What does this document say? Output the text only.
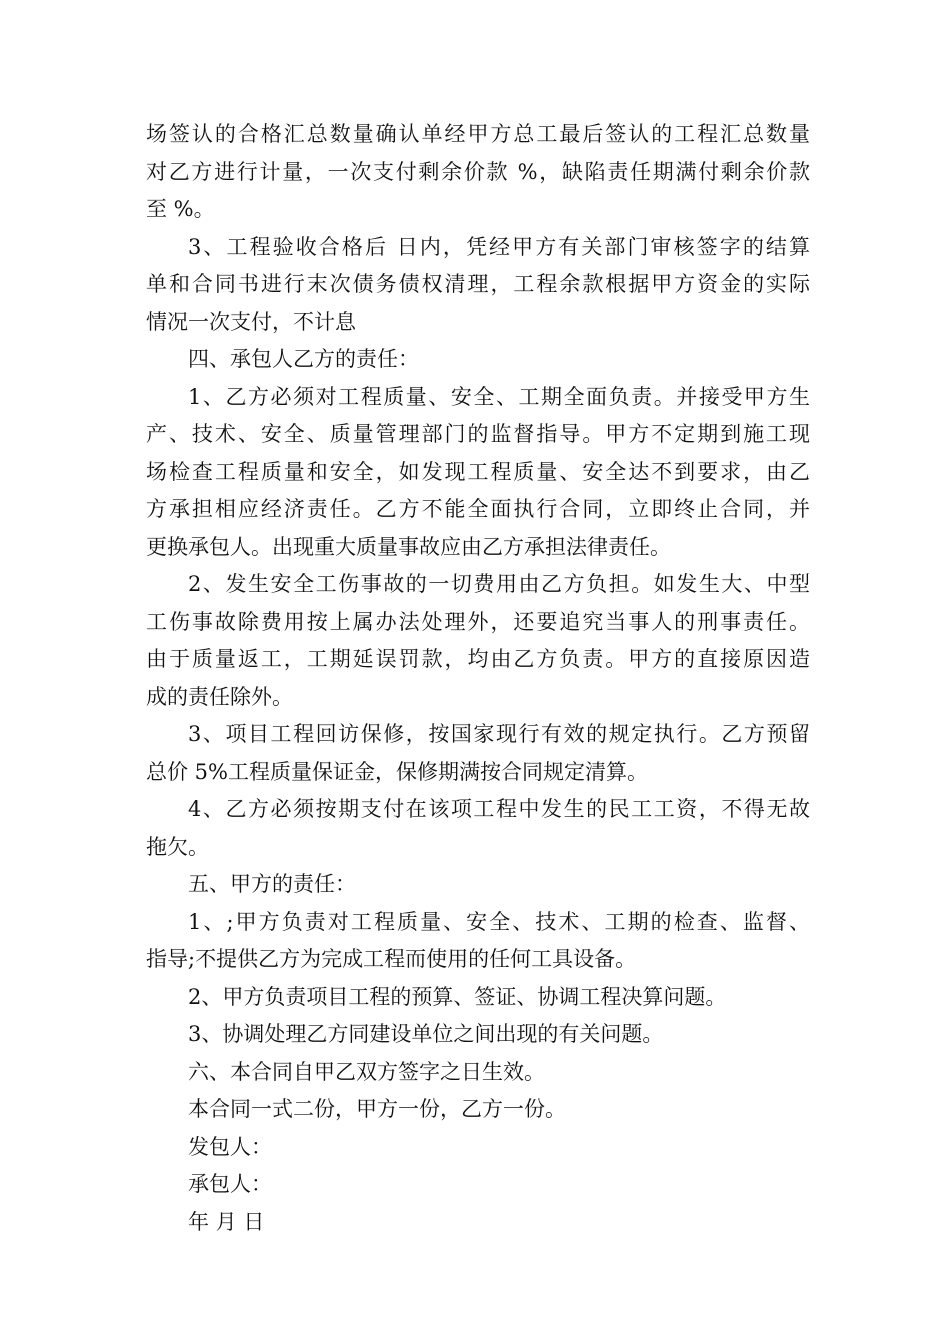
场签认的合格汇总数量确认单经甲方总工最后签认的工程汇总数量
对乙方进行计量，一次支付剩余价款 %，缺陷责任期满付剩余价款
至 %。
3、工程验收合格后 日内，凭经甲方有关部门审核签字的结算
单和合同书进行末次债务债权清理，工程余款根据甲方资金的实际
情况一次支付，不计息
四、承包人乙方的责任：
1、乙方必须对工程质量、安全、工期全面负责。并接受甲方生
产、技术、安全、质量管理部门的监督指导。甲方不定期到施工现
场检查工程质量和安全，如发现工程质量、安全达不到要求，由乙
方承担相应经济责任。乙方不能全面执行合同，立即终止合同，并
更换承包人。出现重大质量事故应由乙方承担法律责任。
2、发生安全工伤事故的一切费用由乙方负担。如发生大、中型
工伤事故除费用按上属办法处理外，还要追究当事人的刑事责任。
由于质量返工，工期延误罚款，均由乙方负责。甲方的直接原因造
成的责任除外。
3、项目工程回访保修，按国家现行有效的规定执行。乙方预留
总价 5%工程质量保证金，保修期满按合同规定清算。
4、乙方必须按期支付在该项工程中发生的民工工资，不得无故
拖欠。
五、甲方的责任：
1、;甲方负责对工程质量、安全、技术、工期的检查、监督、
指导;不提供乙方为完成工程而使用的任何工具设备。
2、甲方负责项目工程的预算、签证、协调工程决算问题。
3、协调处理乙方同建设单位之间出现的有关问题。
六、本合同自甲乙双方签字之日生效。
本合同一式二份，甲方一份，乙方一份。
发包人：
承包人：
年 月 日
